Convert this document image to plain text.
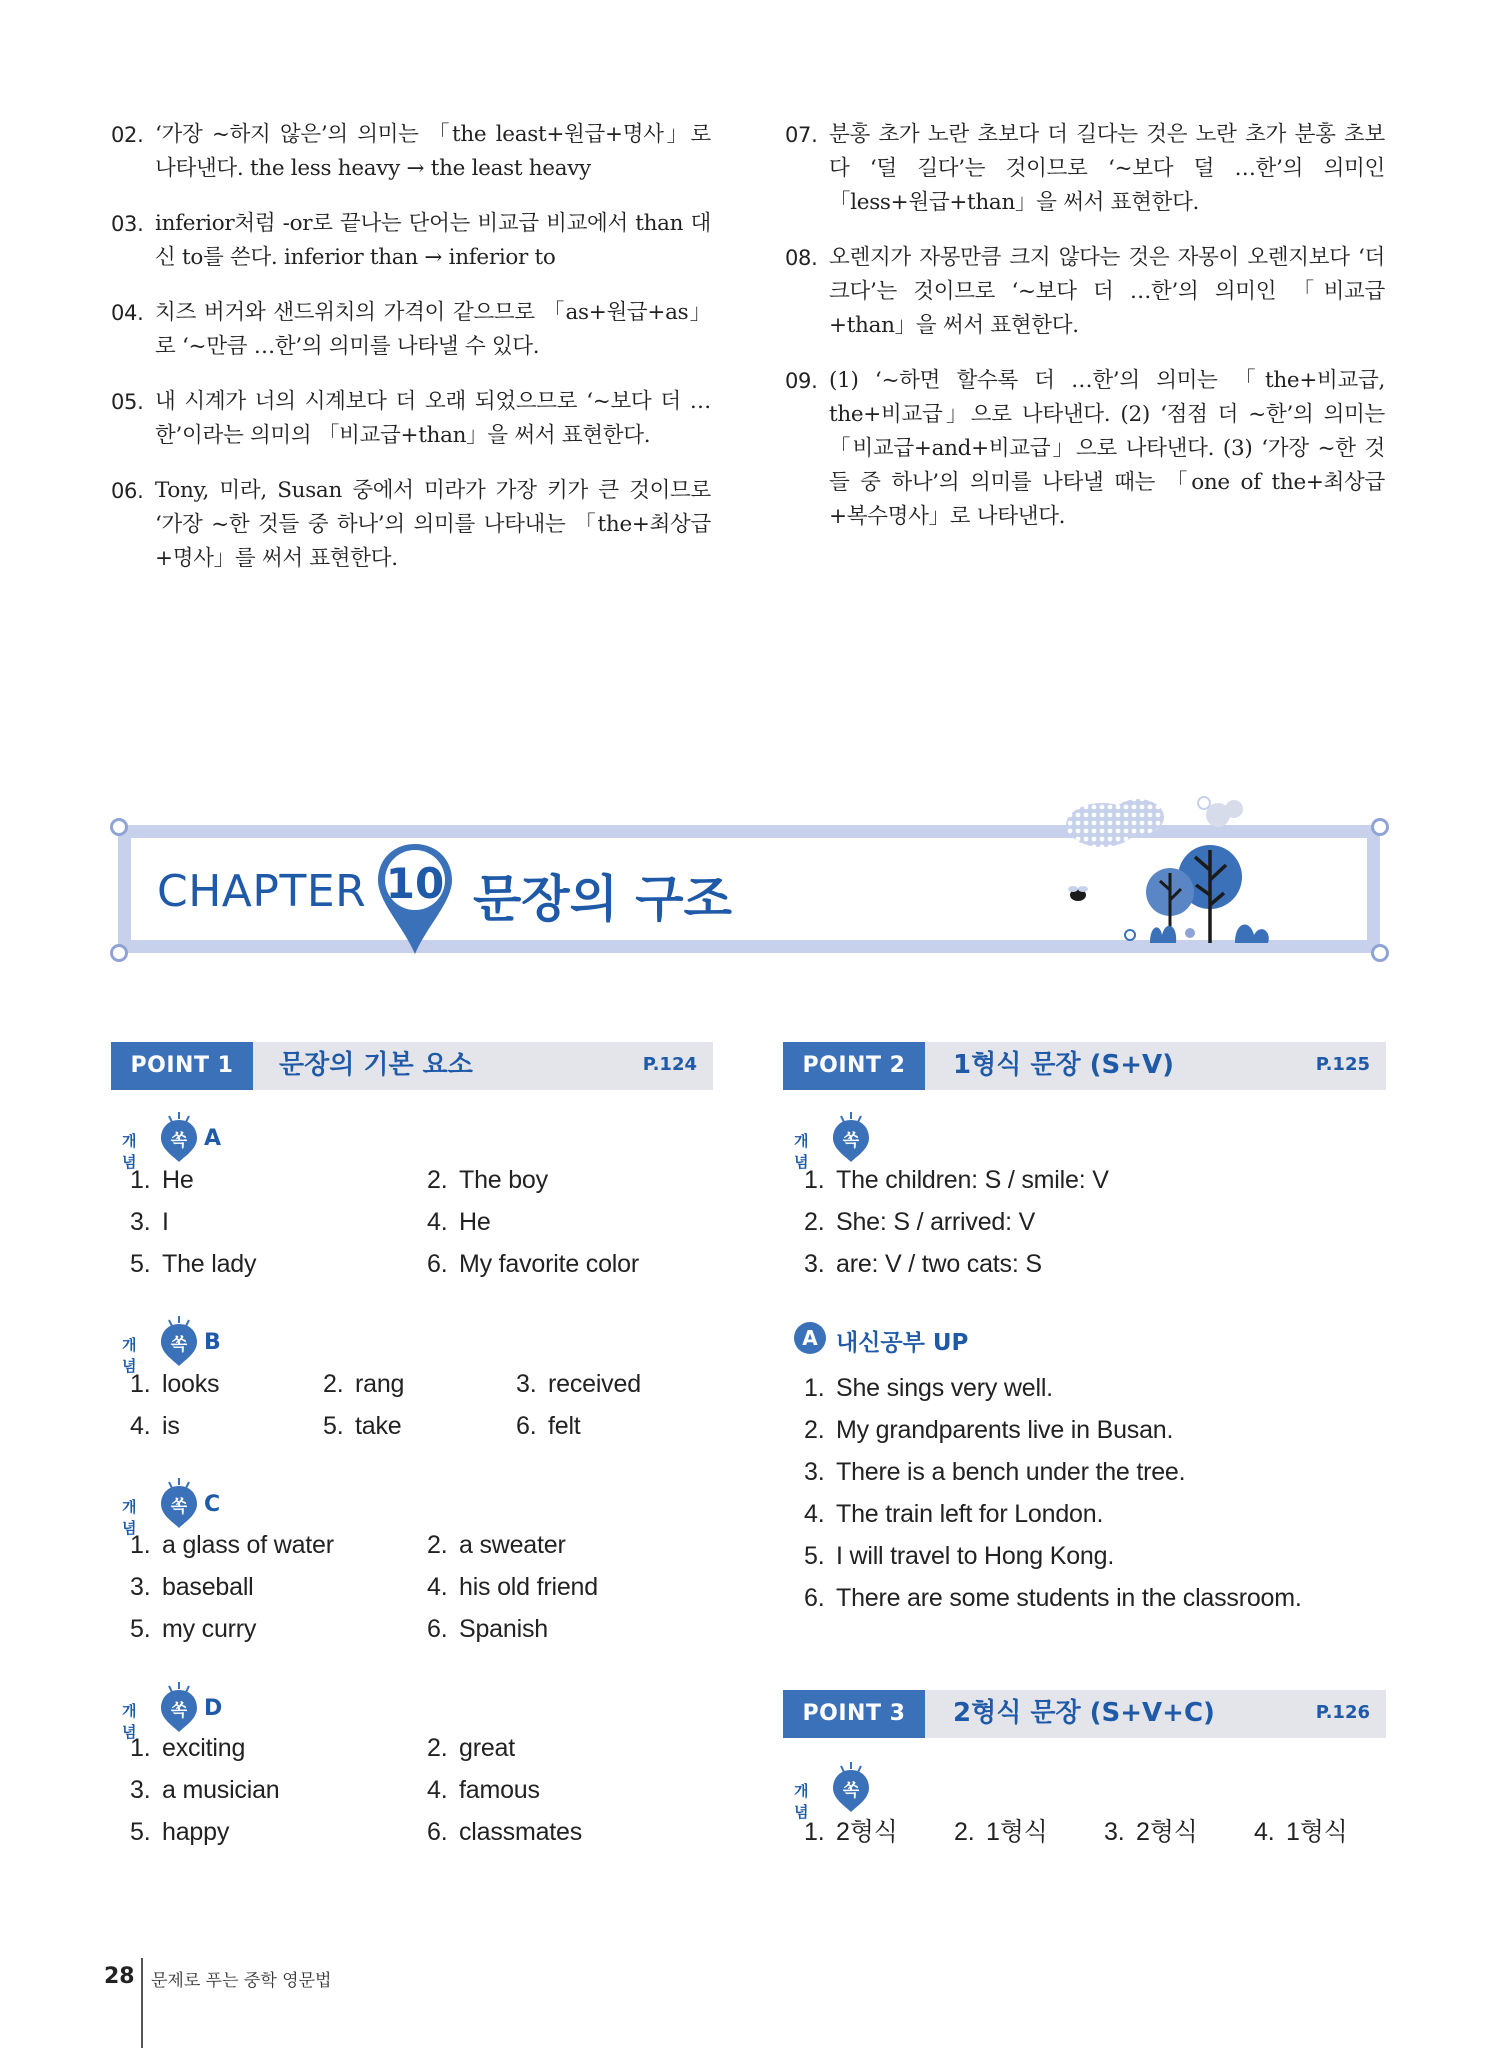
02. ‘가장 ~하지 않은’의 의미는 「the least+원급+명사」로 나타낸다. the less heavy → the least heavy
03. inferior처럼 -or로 끝나는 단어는 비교급 비교에서 than 대신 to를 쓴다. inferior than → inferior to
04. 치즈 버거와 샌드위치의 가격이 같으므로 「as+원급+as」로 ‘~만큼 …한’의 의미를 나타낼 수 있다.
05. 내 시계가 너의 시계보다 더 오래 되었으므로 ‘~보다 더 …한’이라는 의미의 「비교급+than」을 써서 표현한다.
06. Tony, 미라, Susan 중에서 미라가 가장 키가 큰 것이므로 ‘가장 ~한 것들 중 하나’의 의미를 나타내는 「the+최상급+명사」를 써서 표현한다.
07. 분홍 초가 노란 초보다 더 길다는 것은 노란 초가 분홍 초보다 ‘덜 길다’는 것이므로 ‘~보다 덜 …한’의 의미인 「less+원급+than」을 써서 표현한다.
08. 오렌지가 자몽만큼 크지 않다는 것은 자몽이 오렌지보다 ‘더 크다’는 것이므로 ‘~보다 더 …한’의 의미인 「비교급+than」을 써서 표현한다.
09. (1) ‘~하면 할수록 더 …한’의 의미는 「the+비교급, the+비교급」으로 나타낸다. (2) ‘점점 더 ~한’의 의미는 「비교급+and+비교급」으로 나타낸다. (3) ‘가장 ~한 것들 중 하나’의 의미를 나타낼 때는 「one of the+최상급+복수명사」로 나타낸다.
CHAPTER 10 문장의 구조
POINT 1	문장의 기본 요소	P.124
개념
쏙 A
1. He	2. The boy
3. I	4. He
5. The lady	6. My favorite color
개념
쏙 B
1. looks	2. rang	3. received
4. is	5. take	6. felt
개념
쏙 C
1. a glass of water	2. a sweater
3. baseball	4. his old friend
5. my curry	6. Spanish
개념
쏙 D
1. exciting	2. great
3. a musician	4. famous
5. happy	6. classmates
POINT 2	1형식 문장 (S+V)	P.125
개념
쏙
1. The children: S / smile: V
2. She: S / arrived: V
3. are: V / two cats: S
A 내신공부 UP
1. She sings very well.
2. My grandparents live in Busan.
3. There is a bench under the tree.
4. The train left for London.
5. I will travel to Hong Kong.
6. There are some students in the classroom.
POINT 3	2형식 문장 (S+V+C)	P.126
개념
쏙
1. 2형식 2. 1형식 3. 2형식 4. 1형식
28 문제로 푸는 중학 영문법
